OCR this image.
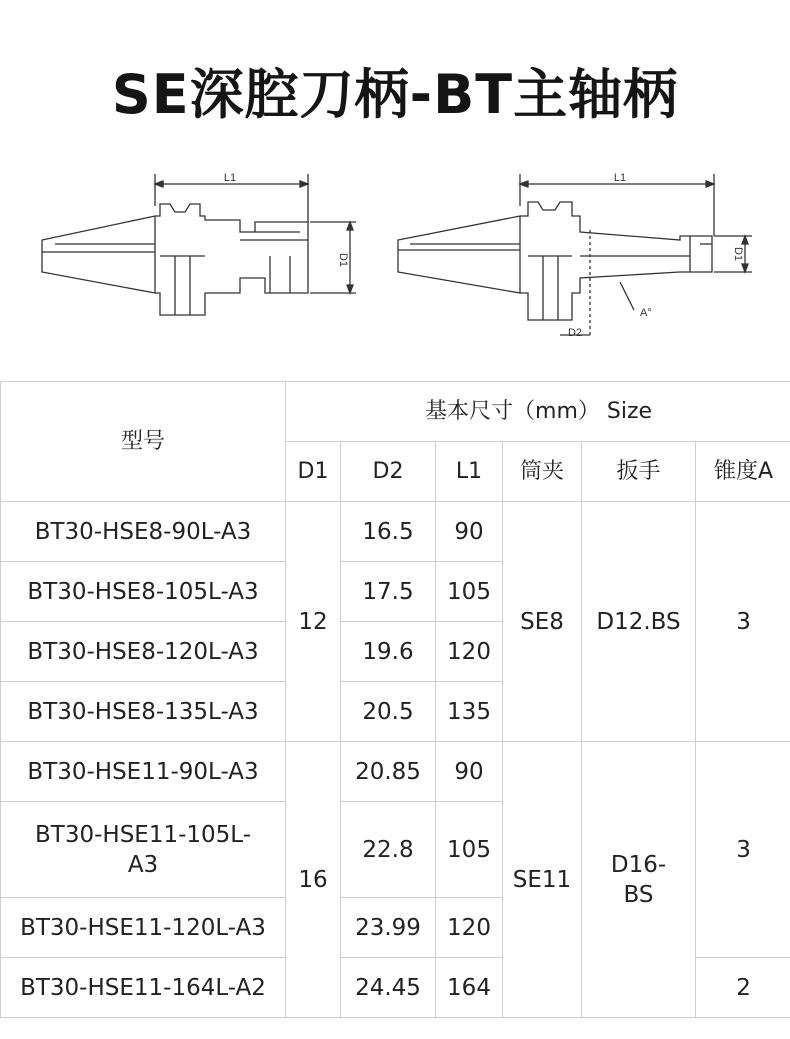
SE深腔刀柄-BT主轴柄
L1
D1
L1
D1
D2
A°
型号	基本尺寸（mm） Size					
	D1	D2	L1	筒夹	扳手	锥度A
BT30-HSE8-90L-A3	12	16.5	90	SE8	D12.BS	3
BT30-HSE8-105L-A3		17.5	105			
BT30-HSE8-120L-A3		19.6	120			
BT30-HSE8-135L-A3		20.5	135			
BT30-HSE11-90L-A3	16	20.85	90	SE11	D16-BS	3
BT30-HSE11-105L-A3		22.8	105			
BT30-HSE11-120L-A3		23.99	120			
BT30-HSE11-164L-A2		24.45	164			2
